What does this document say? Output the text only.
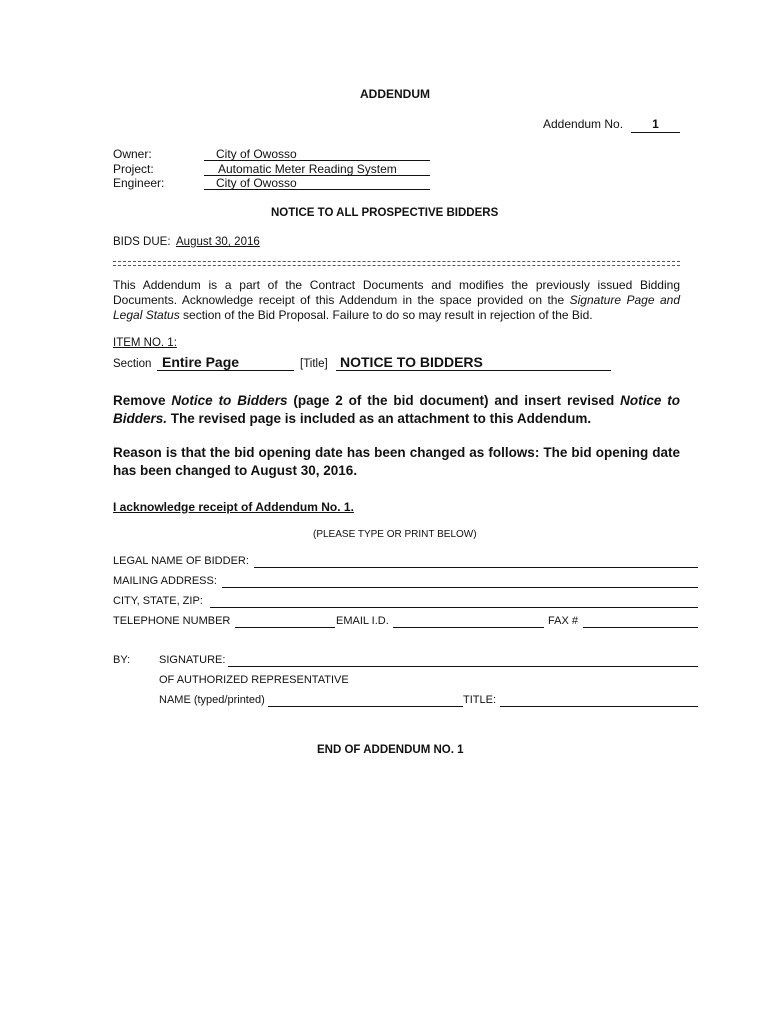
ADDENDUM
Addendum No.	1
Owner:	City of Owosso
Project:	Automatic Meter Reading System
Engineer:	City of Owosso
NOTICE TO ALL PROSPECTIVE BIDDERS
BIDS DUE: August 30, 2016
This Addendum is a part of the Contract Documents and modifies the previously issued Bidding Documents. Acknowledge receipt of this Addendum in the space provided on the Signature Page and Legal Status section of the Bid Proposal. Failure to do so may result in rejection of the Bid.
ITEM NO. 1:
Section Entire Page	[Title] NOTICE TO BIDDERS
Remove Notice to Bidders (page 2 of the bid document) and insert revised Notice to Bidders. The revised page is included as an attachment to this Addendum.
Reason is that the bid opening date has been changed as follows: The bid opening date has been changed to August 30, 2016.
I acknowledge receipt of Addendum No. 1.
(PLEASE TYPE OR PRINT BELOW)
LEGAL NAME OF BIDDER:
MAILING ADDRESS:
CITY, STATE, ZIP:
TELEPHONE NUMBER	EMAIL I.D.	FAX #
BY:	SIGNATURE:
OF AUTHORIZED REPRESENTATIVE
NAME (typed/printed)	TITLE:
END OF ADDENDUM NO. 1
